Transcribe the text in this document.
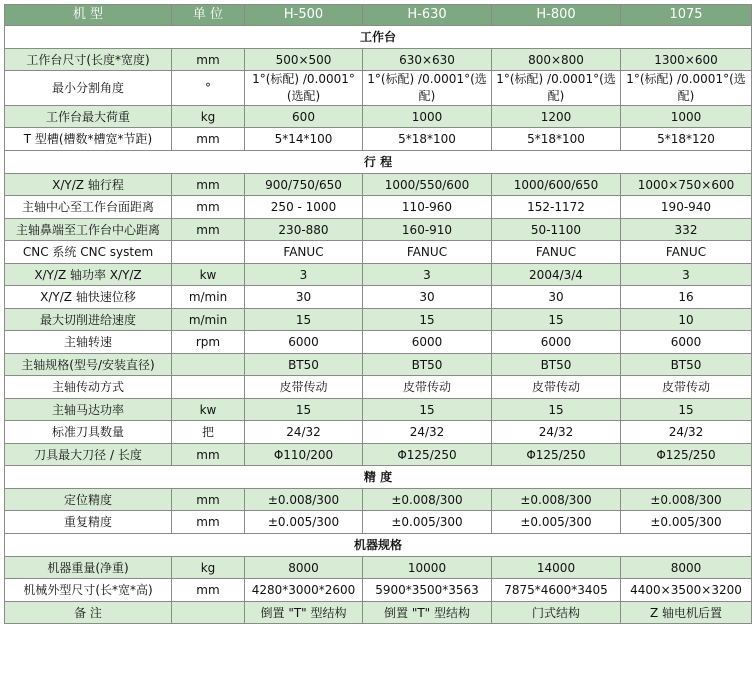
机 型	单 位	H-500	H-630	H-800	1075
工作台					
工作台尺寸(长度*宽度)	mm	500×500	630×630	800×800	1300×600
最小分割角度	°	1°(标配) /0.0001°(选配)	1°(标配) /0.0001°(选配)	1°(标配) /0.0001°(选配)	1°(标配) /0.0001°(选配)
工作台最大荷重	kg	600	1000	1200	1000
T 型槽(槽数*槽宽*节距)	mm	5*14*100	5*18*100	5*18*100	5*18*120
行 程					
X/Y/Z 轴行程	mm	900/750/650	1000/550/600	1000/600/650	1000×750×600
主轴中心至工作台面距离	mm	250 - 1000	110-960	152-1172	190-940
主轴鼻端至工作台中心距离	mm	230-880	160-910	50-1100	332
CNC 系统 CNC system		FANUC	FANUC	FANUC	FANUC
X/Y/Z 轴功率 X/Y/Z	kw	3	3	2004/3/4	3
X/Y/Z 轴快速位移	m/min	30	30	30	16
最大切削进给速度	m/min	15	15	15	10
主轴转速	rpm	6000	6000	6000	6000
主轴规格(型号/安装直径)		BT50	BT50	BT50	BT50
主轴传动方式		皮带传动	皮带传动	皮带传动	皮带传动
主轴马达功率	kw	15	15	15	15
标准刀具数量	把	24/32	24/32	24/32	24/32
刀具最大刀径 / 长度	mm	Φ110/200	Φ125/250	Φ125/250	Φ125/250
精 度					
定位精度	mm	±0.008/300	±0.008/300	±0.008/300	±0.008/300
重复精度	mm	±0.005/300	±0.005/300	±0.005/300	±0.005/300
机器规格					
机器重量(净重)	kg	8000	10000	14000	8000
机械外型尺寸(长*宽*高)	mm	4280*3000*2600	5900*3500*3563	7875*4600*3405	4400×3500×3200
备 注		倒置 "T" 型结构	倒置 "T" 型结构	门式结构	Z 轴电机后置
